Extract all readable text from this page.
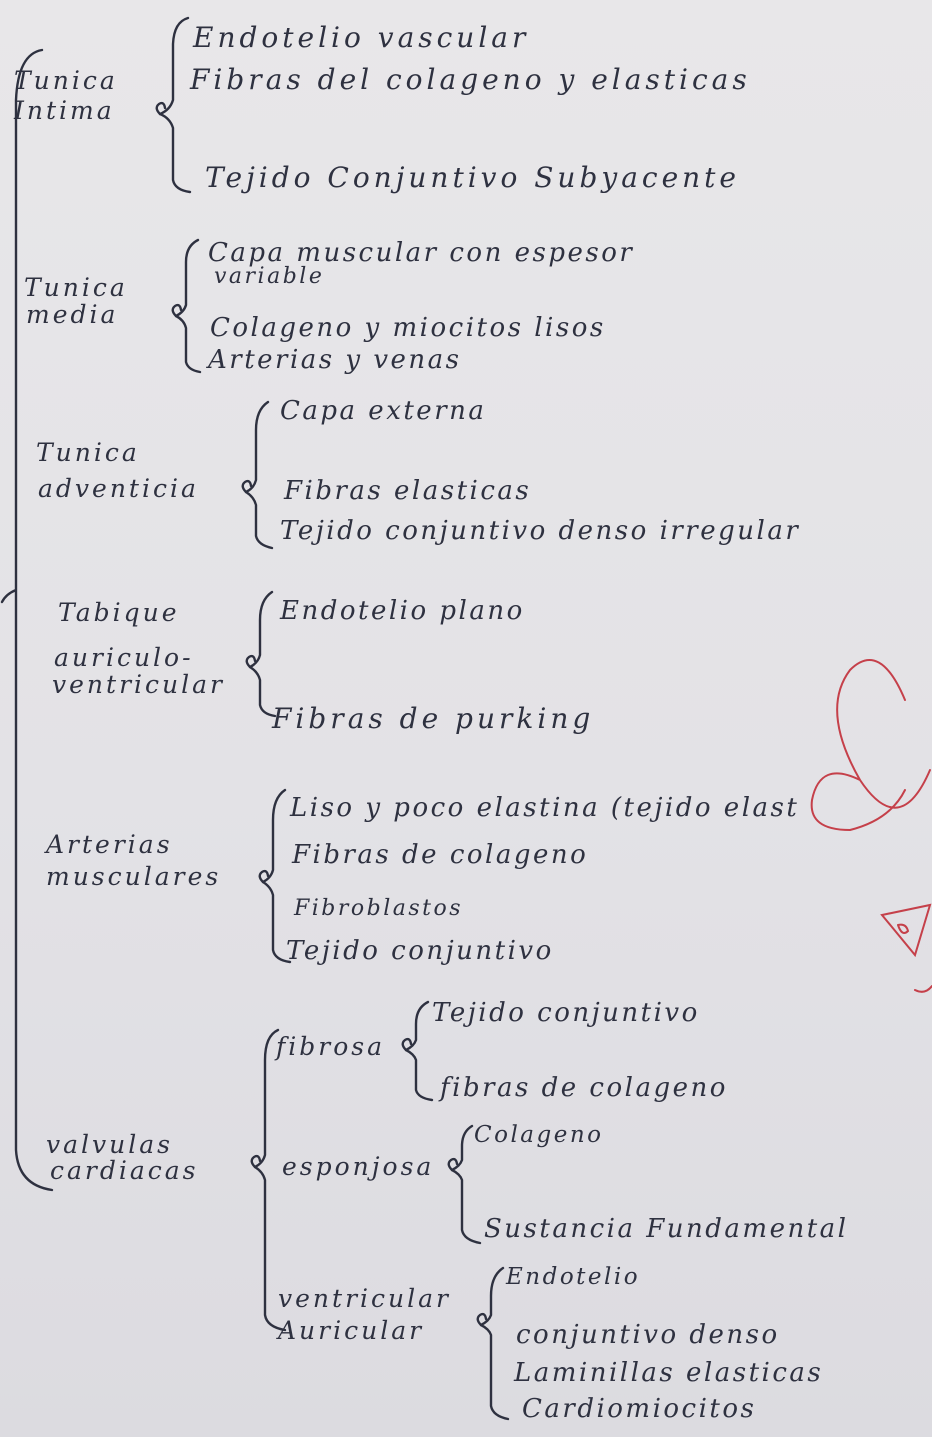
Tunica
Intima
Endotelio vascular
Fibras del colageno y elasticas
Tejido Conjuntivo Subyacente
Tunica
media
Capa muscular con espesor
variable
Colageno y miocitos lisos
Arterias y venas
Tunica
adventicia
Capa externa
Fibras elasticas
Tejido conjuntivo denso irregular
Tabique
auriculo-
ventricular
Endotelio plano
Fibras de purking
Arterias
musculares
Liso y poco elastina (tejido elast
Fibras de colageno
Fibroblastos
Tejido conjuntivo
valvulas
cardiacas
fibrosa
Tejido conjuntivo
fibras de colageno
esponjosa
Colageno
Sustancia Fundamental
ventricular
Auricular
Endotelio
conjuntivo denso
Laminillas elasticas
Cardiomiocitos
